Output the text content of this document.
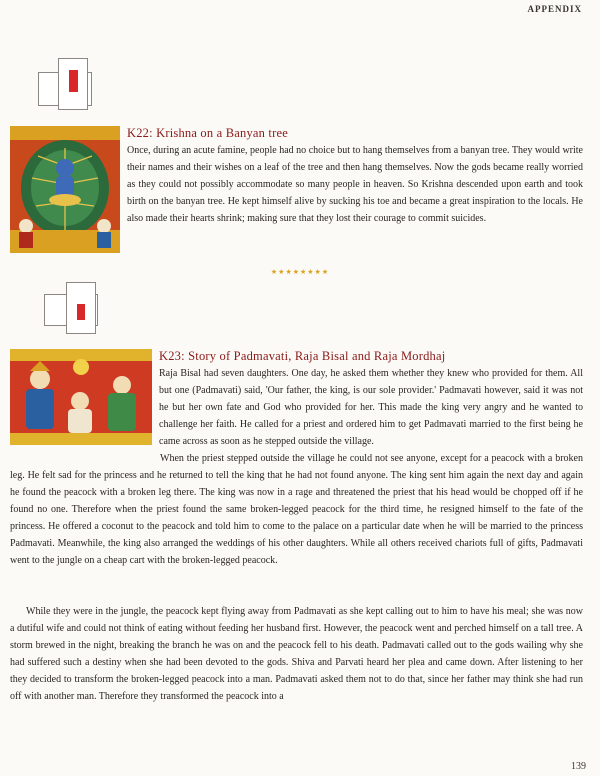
APPENDIX
K22: Krishna on a Banyan tree

Once, during an acute famine, people had no choice but to hang themselves from a banyan tree. They would write their names and their wishes on a leaf of the tree and then hang themselves. Now the gods became really worried as they could not possibly accommodate so many people in heaven. So Krishna descended upon earth and took birth on the banyan tree. He kept himself alive by sucking his toe and became a great inspiration to the locals. He also made their hearts shrink; making sure that they lost their courage to commit suicides.

★★★★★★★★
K23: Story of Padmavati, Raja Bisal and Raja Mordhaj

Raja Bisal had seven daughters. One day, he asked them whether they knew who provided for them. All but one (Padmavati) said, 'Our father, the king, is our sole provider.' Padmavati however, said it was not he but her own fate and God who provided for her. This made the king very angry and he wanted to challenge her faith. He called for a priest and ordered him to get Padmavati married to the first being he came across as soon as he stepped outside the village.

When the priest stepped outside the village he could not see anyone, except for a peacock with a broken leg. He felt sad for the princess and he returned to tell the king that he had not found anyone. The king sent him again the next day and again he found the peacock with a broken leg there. The king was now in a rage and threatened the priest that his head would be chopped off if he found no one. Therefore when the priest found the same broken-legged peacock for the third time, he resigned himself to the fate of the princess. He offered a coconut to the peacock and told him to come to the palace on a particular date when he will be married to the princess Padmavati. Meanwhile, the king also arranged the weddings of his other daughters. While all others received chariots full of gifts, Padmavati went to the jungle on a cheap cart with the broken-legged peacock.

While they were in the jungle, the peacock kept flying away from Padmavati as she kept calling out to him to have his meal; she was now a dutiful wife and could not think of eating without feeding her husband first. However, the peacock went and perched himself on a tall tree. A storm brewed in the night, breaking the branch he was on and the peacock fell to his death. Padmavati called out to the gods wailing why she had suffered such a destiny when she had been devoted to the gods. Shiva and Parvati heard her plea and came down. After listening to her they decided to transform the broken-legged peacock into a man. Padmavati asked them not to do that, since her father may think she had run off with another man. Therefore they transformed the peacock into a

139
